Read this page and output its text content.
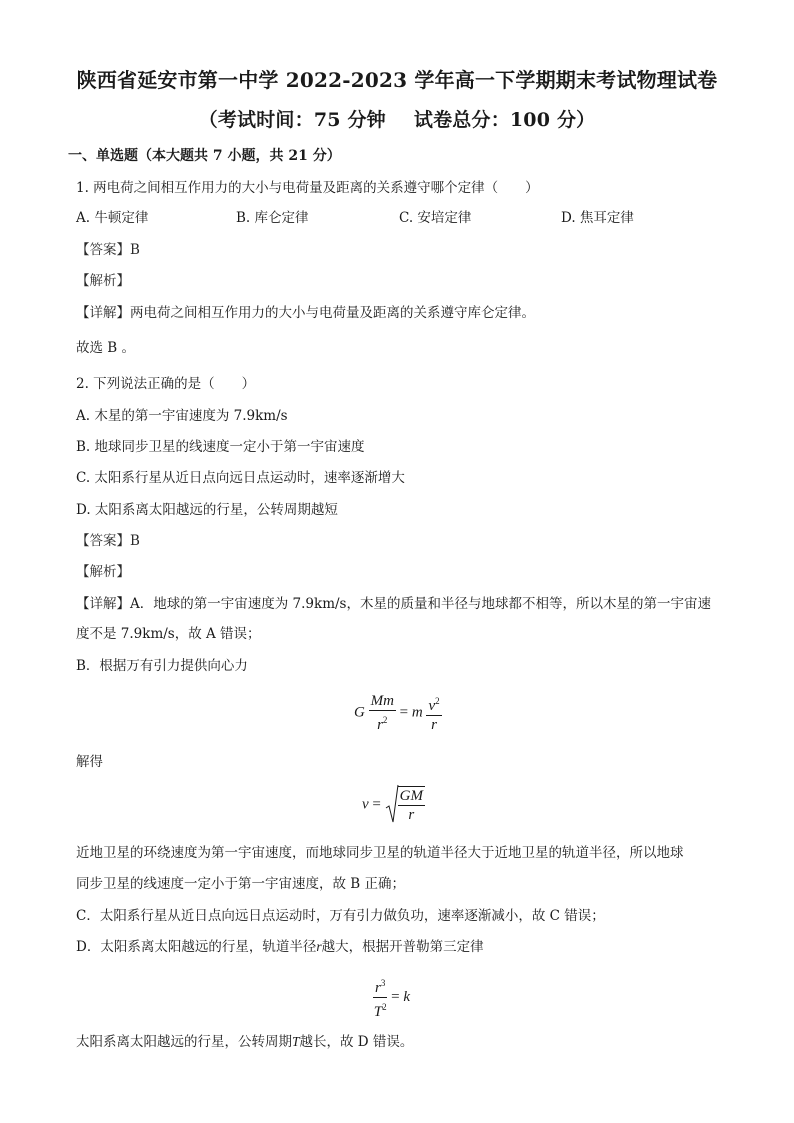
陕西省延安市第一中学 2022-2023 学年高一下学期期末考试物理试卷
（考试时间：75 分钟 试卷总分：100 分）
一、单选题（本大题共 7 小题，共 21 分）
1. 两电荷之间相互作用力的大小与电荷量及距离的关系遵守哪个定律（　　）
A. 牛顿定律	B. 库仑定律	C. 安培定律	D. 焦耳定律
【答案】B
【解析】
【详解】两电荷之间相互作用力的大小与电荷量及距离的关系遵守库仑定律。
故选 B 。
2. 下列说法正确的是（　　）
A. 木星的第一宇宙速度为 7.9km/s
B. 地球同步卫星的线速度一定小于第一宇宙速度
C. 太阳系行星从近日点向远日点运动时，速率逐渐增大
D. 太阳系离太阳越远的行星，公转周期越短
【答案】B
【解析】
【详解】A．地球的第一宇宙速度为 7.9km/s，木星的质量和半径与地球都不相等，所以木星的第一宇宙速
度不是 7.9km/s，故 A 错误；
B．根据万有引力提供向心力
G $\frac{Mm}{r^2} = m \frac{v^2}{r}$
解得
$v = \frac{GM}{r}$
近地卫星的环绕速度为第一宇宙速度，而地球同步卫星的轨道半径大于近地卫星的轨道半径，所以地球
同步卫星的线速度一定小于第一宇宙速度，故 B 正确；
C．太阳系行星从近日点向远日点运动时，万有引力做负功，速率逐渐减小，故 C 错误；
D．太阳系离太阳越远的行星，轨道半径r越大，根据开普勒第三定律
$\frac{r^3}{T^2} = k$
太阳系离太阳越远的行星，公转周期T越长，故 D 错误。
